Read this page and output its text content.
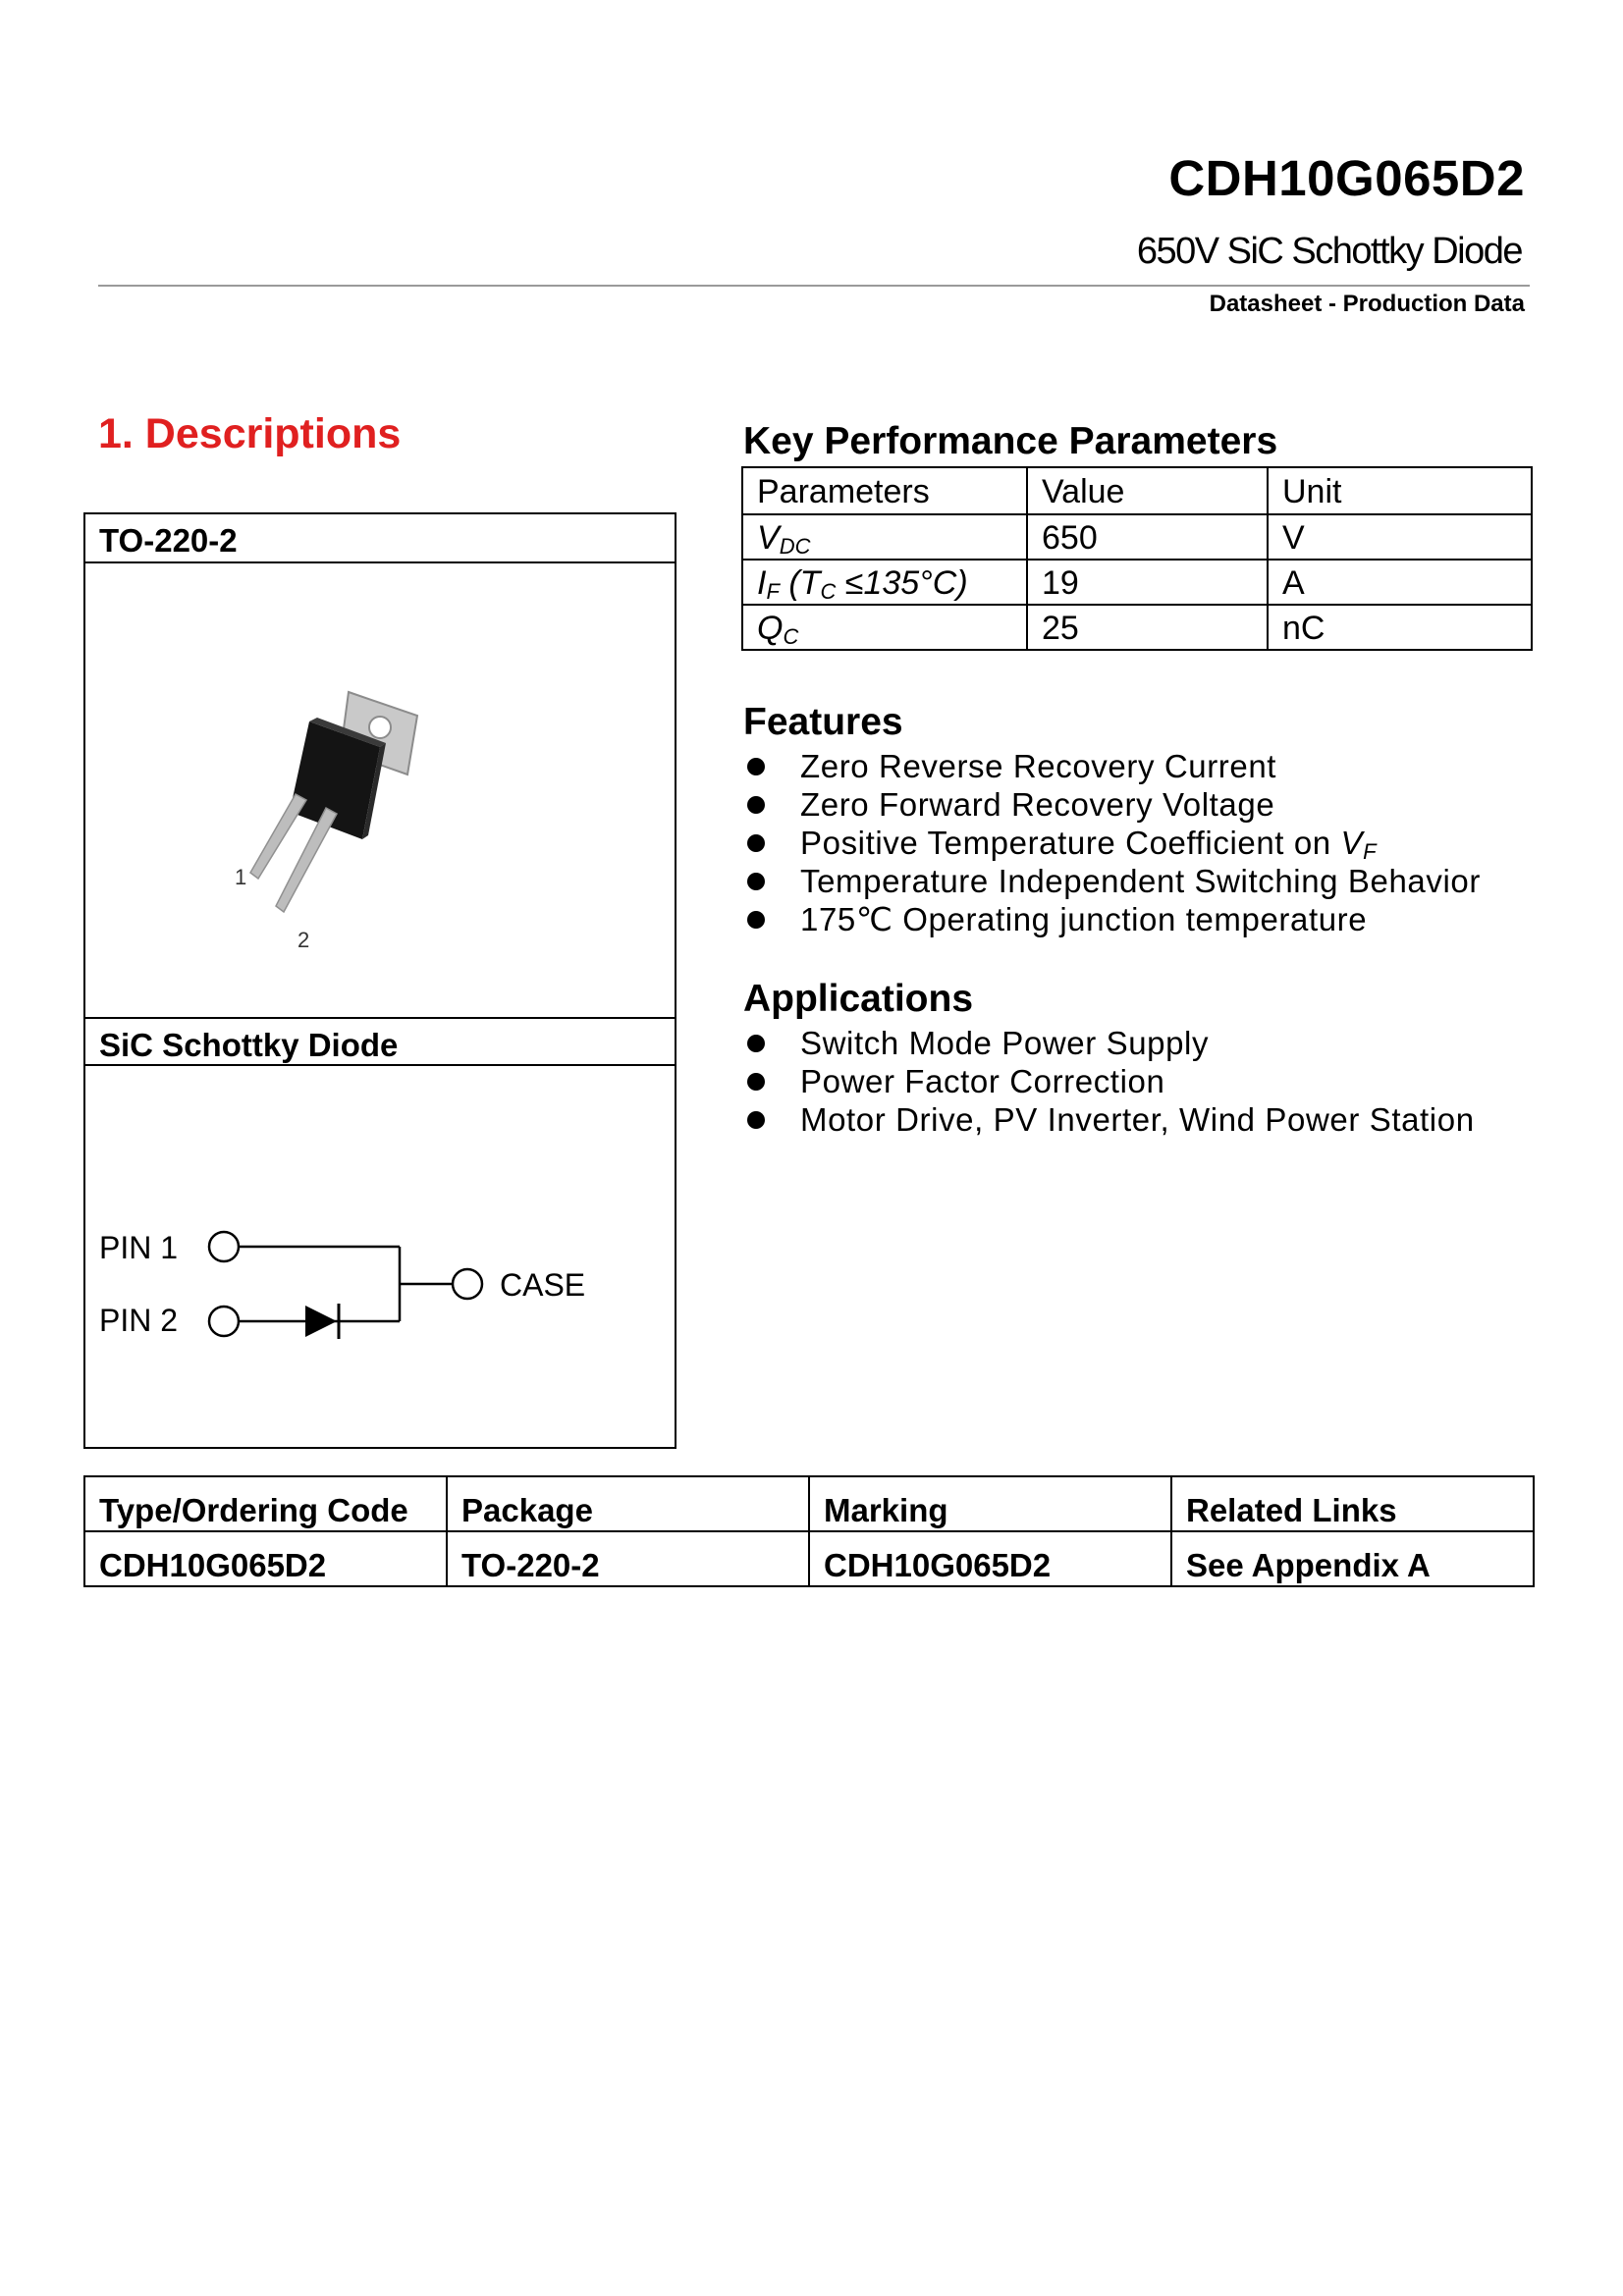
CDH10G065D2
650V SiC Schottky Diode
Datasheet - Production Data
1. Descriptions
TO-220-2
1
2
SiC Schottky Diode
PIN 1
PIN 2
CASE
Key Performance Parameters
Parameters	Value	Unit
$V_{DC}$	650	V
$I_F$ $(T_C \le 135^\circ C)$	19	A
$Q_C$	25	nC
Features
Zero Reverse Recovery Current
Zero Forward Recovery Voltage
Positive Temperature Coefficient on $V_F$
Temperature Independent Switching Behavior
175℃ Operating junction temperature
Applications
Switch Mode Power Supply
Power Factor Correction
Motor Drive, PV Inverter, Wind Power Station
Type/Ordering Code	Package	Marking	Related Links
CDH10G065D2	TO-220-2	CDH10G065D2	See Appendix A
